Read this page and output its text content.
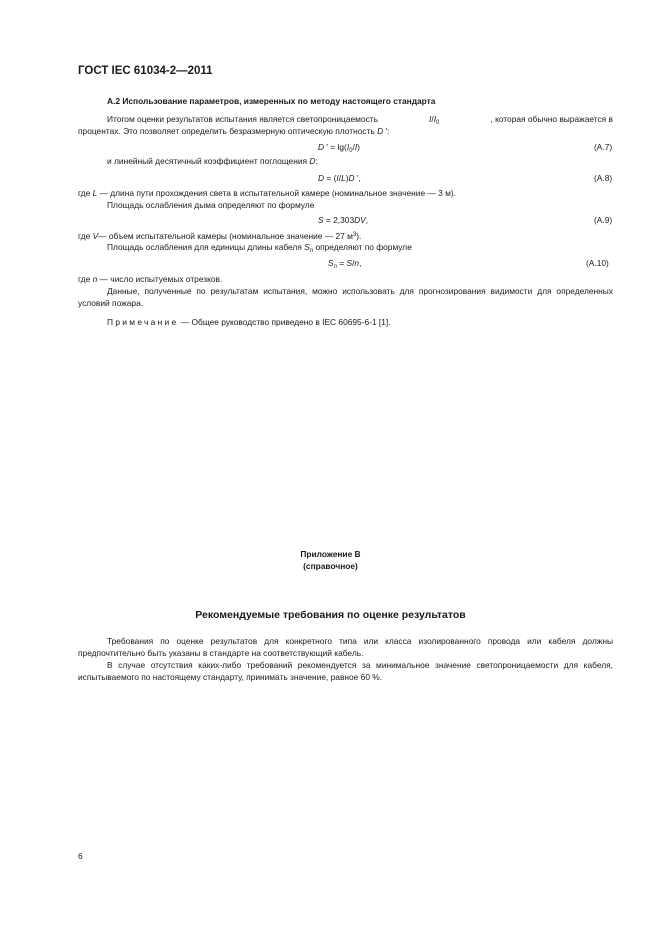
ГОСТ IEC 61034-2—2011
А.2 Использование параметров, измеренных по методу настоящего стандарта
Итогом оценки результатов испытания является светопроницаемость	$I/I_0$	, которая обычно выражается в
процентах. Это позволяет определить безразмерную оптическую плотность D ′:
D ′ = $\lg(I_0/I)$	(А.7)
и линейный десятичный коэффициент поглощения D:
D = (I/L)D ′,	(А.8)
где L — длина пути прохождения света в испытательной камере (номинальное значение — 3 м).
Площадь ослабления дыма определяют по формуле
S = 2,303DV,	(А.9)
где V— объем испытательной камеры (номинальное значение — 27 $м^3$).
Площадь ослабления для единицы длины кабеля $S_n$ определяют по формуле
$S_n = S/n$,	(А.10)
где n — число испытуемых отрезков.
Данные, полученные по результатам испытания, можно использовать для прогнозирования видимости для определенных условий пожара.
Примечание — Общее руководство приведено в IEC 60695-6-1 [1].
Приложение В
(справочное)
Рекомендуемые требования по оценке результатов
Требования по оценке результатов для конкретного типа или класса изолированного провода или кабеля должны предпочтительно быть указаны в стандарте на соответствующий кабель.
В случае отсутствия каких-либо требований рекомендуется за минимальное значение светопроницаемости для кабеля, испытываемого по настоящему стандарту, принимать значение, равное 60 %.
6
